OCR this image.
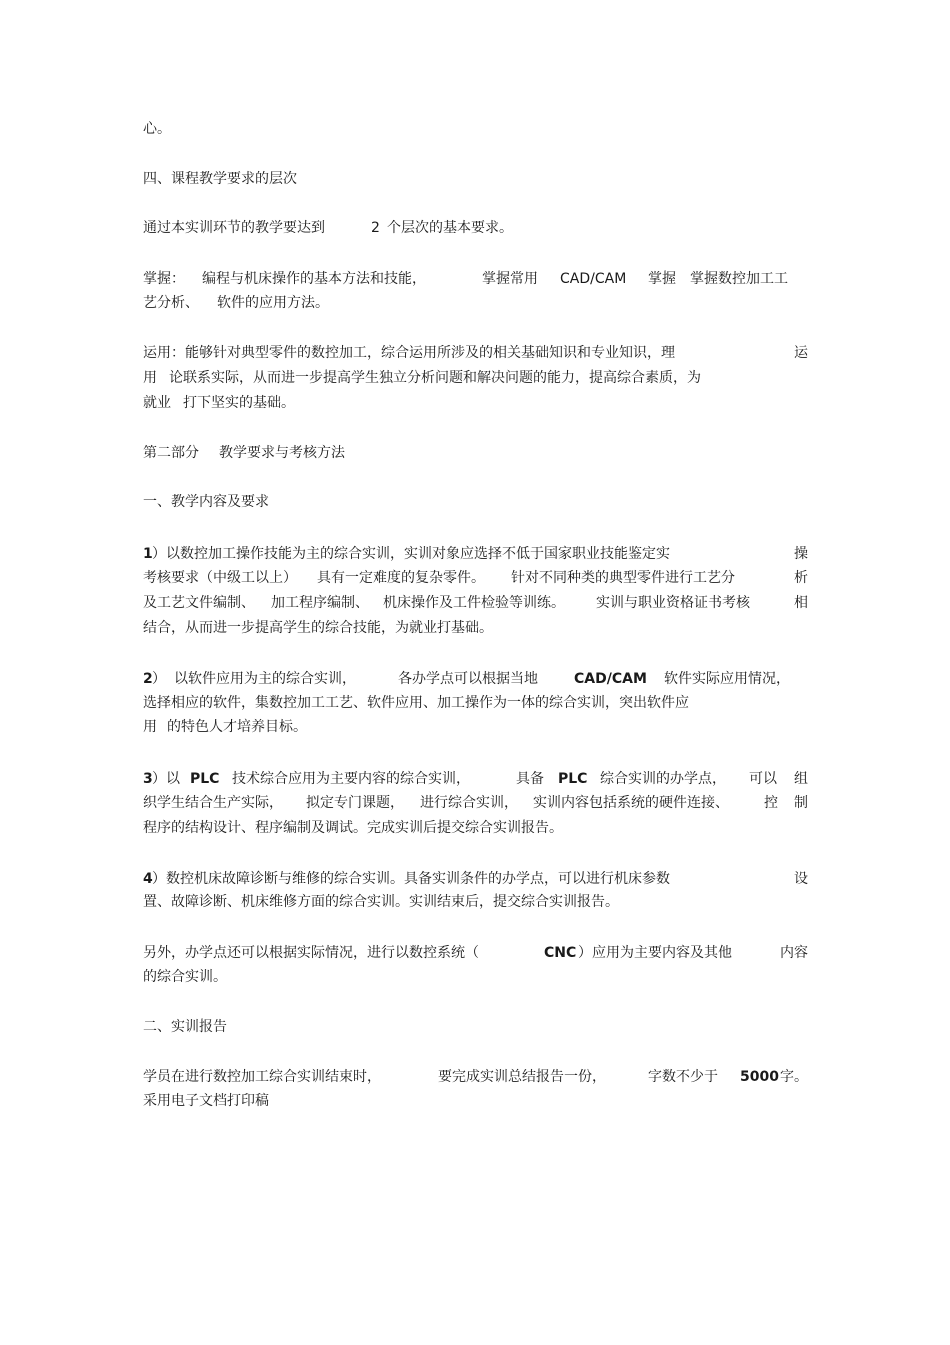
心。
四、课程教学要求的层次
通过本实训环节的教学要达到	2 个层次的基本要求。
掌握： 编程与机床操作的基本方法和技能，	掌握常用 CAD/CAM 掌握 掌握数控加工工
艺分析、 软件的应用方法。
运用：能够针对典型零件的数控加工，综合运用所涉及的相关基础知识和专业知识，理	运
用 论联系实际，从而进一步提高学生独立分析问题和解决问题的能力，提高综合素质，为
就业 打下坚实的基础。
第二部分 教学要求与考核方法
一、教学内容及要求
1 ）以数控加工操作技能为主的综合实训，实训对象应选择不低于国家职业技能鉴定实	操
考核要求（中级工以上） 具有一定难度的复杂零件。 针对不同种类的典型零件进行工艺分	析
及工艺文件编制、 加工程序编制、 机床操作及工件检验等训练。 实训与职业资格证书考核	相
结合，从而进一步提高学生的综合技能，为就业打基础。
2 ） 以软件应用为主的综合实训，	各办学点可以根据当地	CAD/CAM 软件实际应用情况，
选择相应的软件，集数控加工工艺、软件应用、加工操作为一体的综合实训，突出软件应
用 的特色人才培养目标。
3 ）以 PLC 技术综合应用为主要内容的综合实训，	具备 PLC 综合实训的办学点， 可以 组
织学生结合生产实际， 拟定专门课题， 进行综合实训， 实训内容包括系统的硬件连接、	控 制
程序的结构设计、程序编制及调试。完成实训后提交综合实训报告。
4 ）数控机床故障诊断与维修的综合实训。具备实训条件的办学点，可以进行机床参数	设
置、故障诊断、机床维修方面的综合实训。实训结束后，提交综合实训报告。
另外，办学点还可以根据实际情况，进行以数控系统（	CNC ）应用为主要内容及其他	内容
的综合实训。
二、实训报告
学员在进行数控加工综合实训结束时，	要完成实训总结报告一份，	字数不少于 5000 字。
采用电子文档打印稿
